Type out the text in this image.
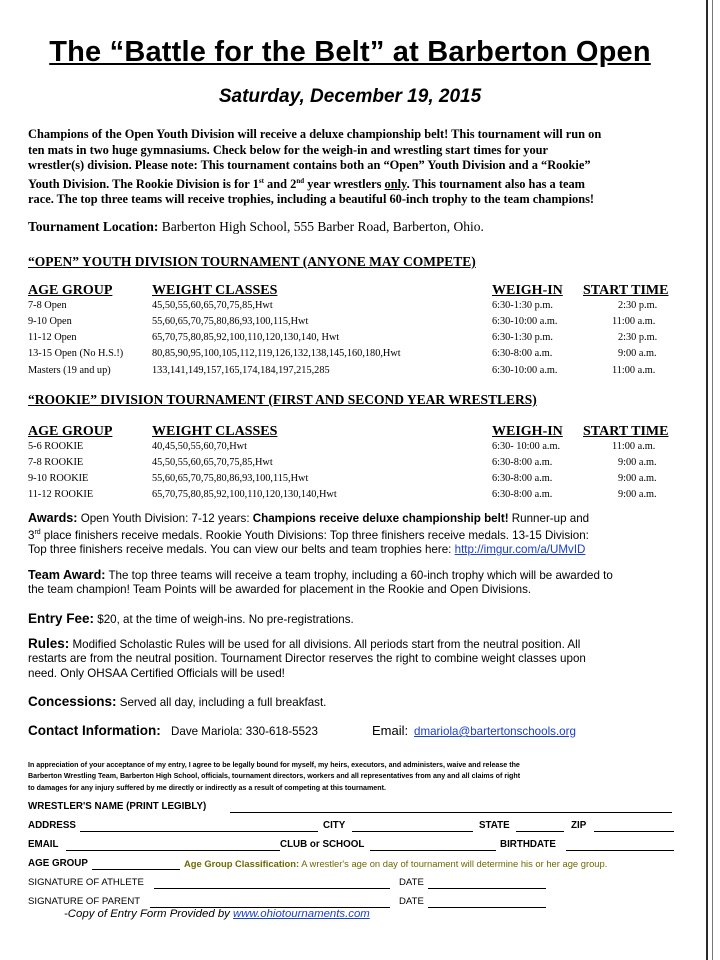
The “Battle for the Belt” at Barberton Open
Saturday, December 19, 2015
Champions of the Open Youth Division will receive a deluxe championship belt! This tournament will run on
ten mats in two huge gymnasiums. Check below for the weigh-in and wrestling start times for your
wrestler(s) division. Please note: This tournament contains both an “Open” Youth Division and a “Rookie”
Youth Division. The Rookie Division is for 1st and 2nd year wrestlers only. This tournament also has a team
race. The top three teams will receive trophies, including a beautiful 60-inch trophy to the team champions!
Tournament Location: Barberton High School, 555 Barber Road, Barberton, Ohio.
“OPEN” YOUTH DIVISION TOURNAMENT (ANYONE MAY COMPETE)
AGE GROUP	WEIGHT CLASSES	WEIGH-IN START TIME
7-8 Open	45,50,55,60,65,70,75,85,Hwt	6:30-1:30 p.m.	2:30 p.m.
9-10 Open	55,60,65,70,75,80,86,93,100,115,Hwt	6:30-10:00 a.m.	11:00 a.m.
11-12 Open	65,70,75,80,85,92,100,110,120,130,140, Hwt	6:30-1:30 p.m.	2:30 p.m.
13-15 Open (No H.S.!)	80,85,90,95,100,105,112,119,126,132,138,145,160,180,Hwt	6:30-8:00 a.m.	9:00 a.m.
Masters (19 and up)	133,141,149,157,165,174,184,197,215,285	6:30-10:00 a.m.	11:00 a.m.
“ROOKIE” DIVISION TOURNAMENT (FIRST AND SECOND YEAR WRESTLERS)
AGE GROUP	WEIGHT CLASSES	WEIGH-IN START TIME
5-6 ROOKIE	40,45,50,55,60,70,Hwt	6:30- 10:00 a.m.	11:00 a.m.
7-8 ROOKIE	45,50,55,60,65,70,75,85,Hwt	6:30-8:00 a.m.	9:00 a.m.
9-10 ROOKIE	55,60,65,70,75,80,86,93,100,115,Hwt	6:30-8:00 a.m.	9:00 a.m.
11-12 ROOKIE	65,70,75,80,85,92,100,110,120,130,140,Hwt	6:30-8:00 a.m.	9:00 a.m.
Awards: Open Youth Division: 7-12 years: Champions receive deluxe championship belt! Runner-up and
3rd place finishers receive medals. Rookie Youth Divisions: Top three finishers receive medals. 13-15 Division:
Top three finishers receive medals. You can view our belts and team trophies here: http://imgur.com/a/UMvID
Team Award: The top three teams will receive a team trophy, including a 60-inch trophy which will be awarded to
the team champion! Team Points will be awarded for placement in the Rookie and Open Divisions.
Entry Fee: $20, at the time of weigh-ins. No pre-registrations.
Rules: Modified Scholastic Rules will be used for all divisions. All periods start from the neutral position. All
restarts are from the neutral position. Tournament Director reserves the right to combine weight classes upon
need. Only OHSAA Certified Officials will be used!
Concessions: Served all day, including a full breakfast.
Contact Information: Dave Mariola: 330-618-5523	Email: dmariola@bartertonschools.org
In appreciation of your acceptance of my entry, I agree to be legally bound for myself, my heirs, executors, and administers, waive and release the
Barberton Wrestling Team, Barberton High School, officials, tournament directors, workers and all representatives from any and all claims of right
to damages for any injury suffered by me directly or indirectly as a result of competing at this tournament.
WRESTLER'S NAME (PRINT LEGIBLY)
ADDRESS	CITY	STATE	ZIP
EMAIL	CLUB or SCHOOL	BIRTHDATE
AGE GROUP	Age Group Classification: A wrestler's age on day of tournament will determine his or her age group.
SIGNATURE OF ATHLETE	DATE
SIGNATURE OF PARENT	DATE
-Copy of Entry Form Provided by www.ohiotournaments.com
